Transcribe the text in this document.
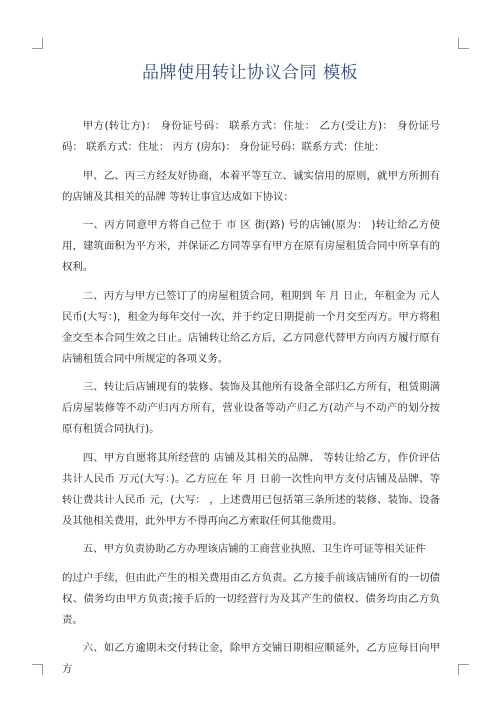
品牌使用转让协议合同 模板

甲方(转让方)： 身份证号码： 联系方式：住址： 乙方(受让方)： 身份证号码： 联系方式：住址： 丙方 (房东)： 身份证号码：联系方式：住址：

甲、乙、丙三方经友好协商，本着平等互立、诚实信用的原则，就甲方所拥有的店铺及其相关的品牌 等转让事宜达成如下协议：

一、丙方同意甲方将自己位于 市 区 街(路) 号的店铺(原为： )转让给乙方使用，建筑面积为平方米，并保证乙方同等享有甲方在原有房屋租赁合同中所享有的权利。

二、丙方与甲方已签订了的房屋租赁合同，租期到 年 月 日止，年租金为 元人民币(大写：)，租金为每年交付一次，并于约定日期提前一个月交至丙方。甲方将租金交至本合同生效之日止。店铺转让给乙方后，乙方同意代替甲方向丙方履行原有店铺租赁合同中所规定的各项义务。

三、转让后店铺现有的装修、装饰及其他所有设备全部归乙方所有，租赁期满后房屋装修等不动产归丙方所有，营业设备等动产归乙方(动产与不动产的划分按原有租赁合同执行)。

四、甲方自愿将其所经营的 店铺及其相关的品牌、 等转让给乙方，作价评估共计人民币 万元(大写：)。乙方应在 年 月 日前一次性向甲方支付店铺及品牌、等转让费共计人民币 元，(大写： ，上述费用已包括第三条所述的装修、装饰、设备及其他相关费用，此外甲方不得再向乙方索取任何其他费用。

五、甲方负责协助乙方办理该店铺的工商营业执照、卫生许可证等相关证件

的过户手续，但由此产生的相关费用由乙方负责。乙方接手前该店铺所有的一切债权、债务均由甲方负责;接手后的一切经营行为及其产生的债权、债务均由乙方负责。

六、如乙方逾期未交付转让金，除甲方交铺日期相应顺延外，乙方应每日向甲方
